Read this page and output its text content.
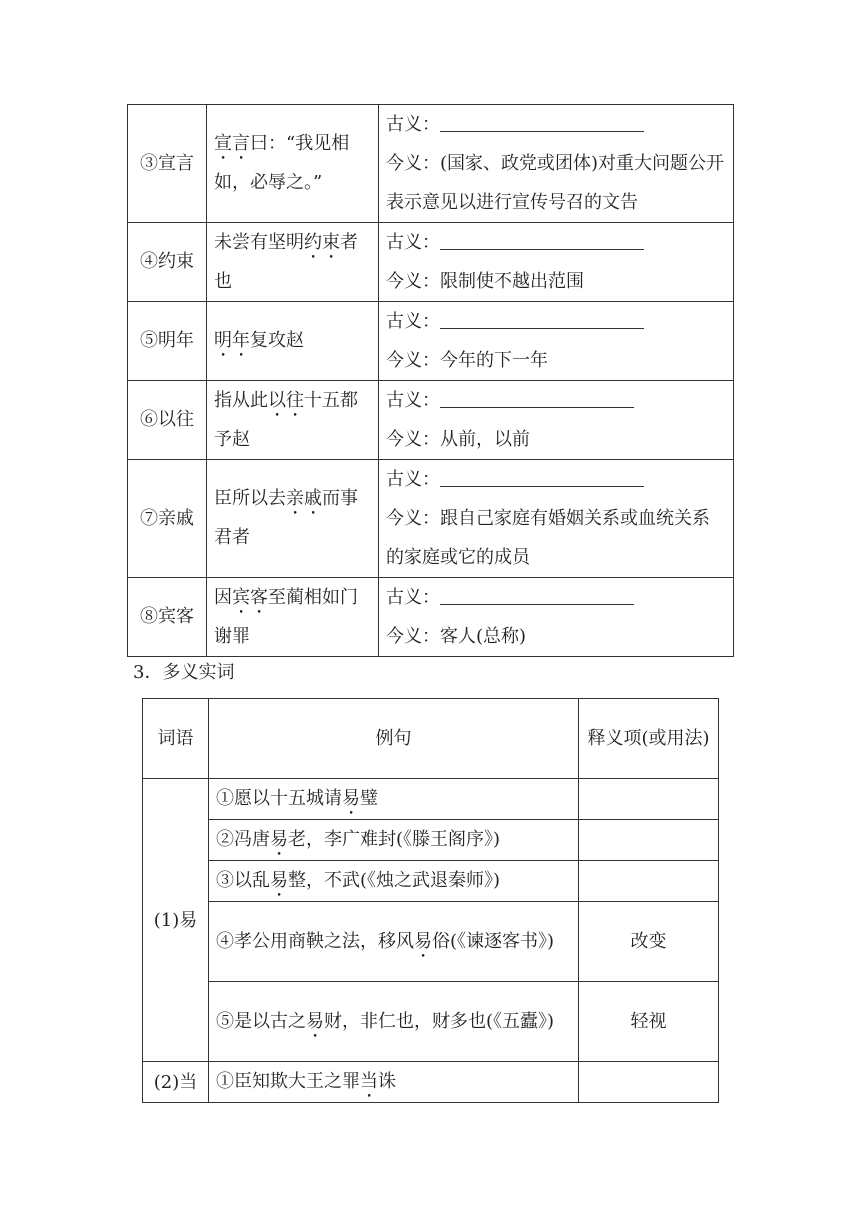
③宣言	宣言曰：“我见相如，必辱之。”	古义：
今义：(国家、政党或团体)对重大问题公开表示意见以进行宣传号召的文告

④约束	未尝有坚明约束者也	古义：
今义：限制使不越出范围

⑤明年	明年复攻赵	古义：
今义：今年的下一年

⑥以往	指从此以往十五都予赵	古义：
今义：从前，以前

⑦亲戚	臣所以去亲戚而事君者	古义：
今义：跟自己家庭有婚姻关系或血统关系的家庭或它的成员

⑧宾客	因宾客至蔺相如门谢罪	古义：
今义：客人(总称)
3．多义实词
词语	例句	释义项(或用法)
(1)易	①愿以十五城请易璧	
	②冯唐易老，李广难封(《滕王阁序》)	
	③以乱易整，不武(《烛之武退秦师》)	
	④孝公用商鞅之法，移风易俗(《谏逐客书》)	改变
	⑤是以古之易财，非仁也，财多也(《五蠹》)	轻视
(2)当	①臣知欺大王之罪当诛	
